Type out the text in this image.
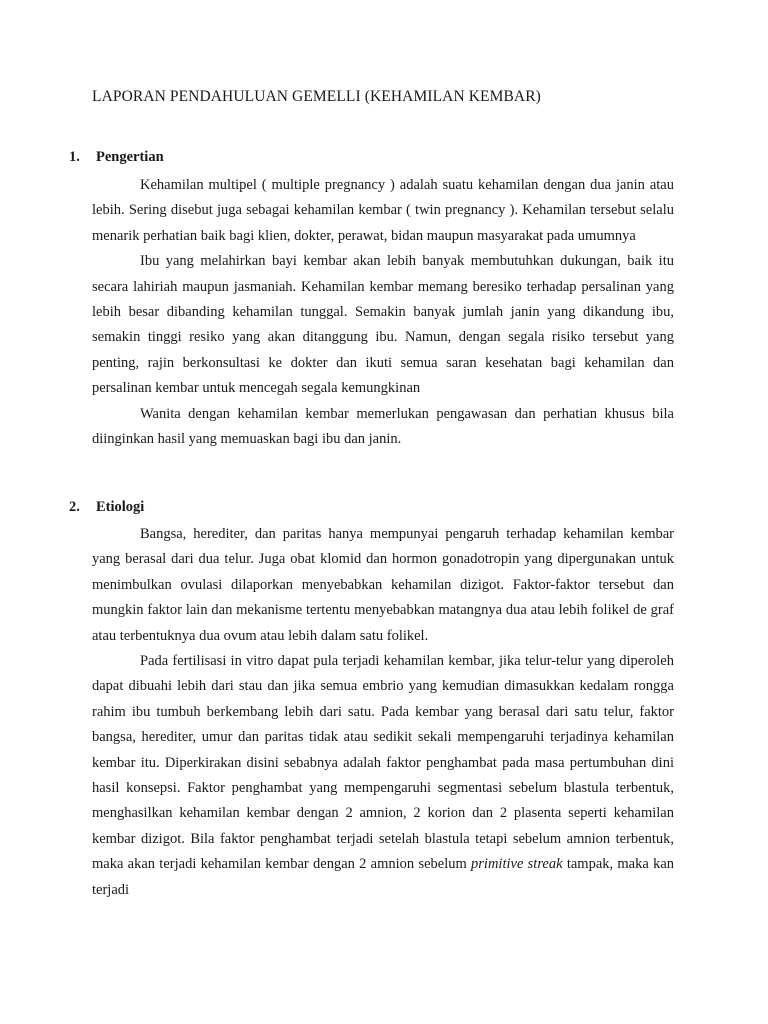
LAPORAN PENDAHULUAN GEMELLI (KEHAMILAN KEMBAR)
1. Pengertian

Kehamilan multipel ( multiple pregnancy ) adalah suatu kehamilan dengan dua janin atau lebih. Sering disebut juga sebagai kehamilan kembar ( twin pregnancy ). Kehamilan tersebut selalu menarik perhatian baik bagi klien, dokter, perawat, bidan maupun masyarakat pada umumnya

Ibu yang melahirkan bayi kembar akan lebih banyak membutuhkan dukungan, baik itu secara lahiriah maupun jasmaniah. Kehamilan kembar memang beresiko terhadap persalinan yang lebih besar dibanding kehamilan tunggal. Semakin banyak jumlah janin yang dikandung ibu, semakin tinggi resiko yang akan ditanggung ibu. Namun, dengan segala risiko tersebut yang penting, rajin berkonsultasi ke dokter dan ikuti semua saran kesehatan bagi kehamilan dan persalinan kembar untuk mencegah segala kemungkinan

Wanita dengan kehamilan kembar memerlukan pengawasan dan perhatian khusus bila diinginkan hasil yang memuaskan bagi ibu dan janin.

2. Etiologi

Bangsa, herediter, dan paritas hanya mempunyai pengaruh terhadap kehamilan kembar yang berasal dari dua telur. Juga obat klomid dan hormon gonadotropin yang dipergunakan untuk menimbulkan ovulasi dilaporkan menyebabkan kehamilan dizigot. Faktor-faktor tersebut dan mungkin faktor lain dan mekanisme tertentu menyebabkan matangnya dua atau lebih folikel de graf atau terbentuknya dua ovum atau lebih dalam satu folikel.

Pada fertilisasi in vitro dapat pula terjadi kehamilan kembar, jika telur-telur yang diperoleh dapat dibuahi lebih dari stau dan jika semua embrio yang kemudian dimasukkan kedalam rongga rahim ibu tumbuh berkembang lebih dari satu. Pada kembar yang berasal dari satu telur, faktor bangsa, herediter, umur dan paritas tidak atau sedikit sekali mempengaruhi terjadinya kehamilan kembar itu. Diperkirakan disini sebabnya adalah faktor penghambat pada masa pertumbuhan dini hasil konsepsi. Faktor penghambat yang mempengaruhi segmentasi sebelum blastula terbentuk, menghasilkan kehamilan kembar dengan 2 amnion, 2 korion dan 2 plasenta seperti kehamilan kembar dizigot. Bila faktor penghambat terjadi setelah blastula tetapi sebelum amnion terbentuk, maka akan terjadi kehamilan kembar dengan 2 amnion sebelum primitive streak tampak, maka kan terjadi
